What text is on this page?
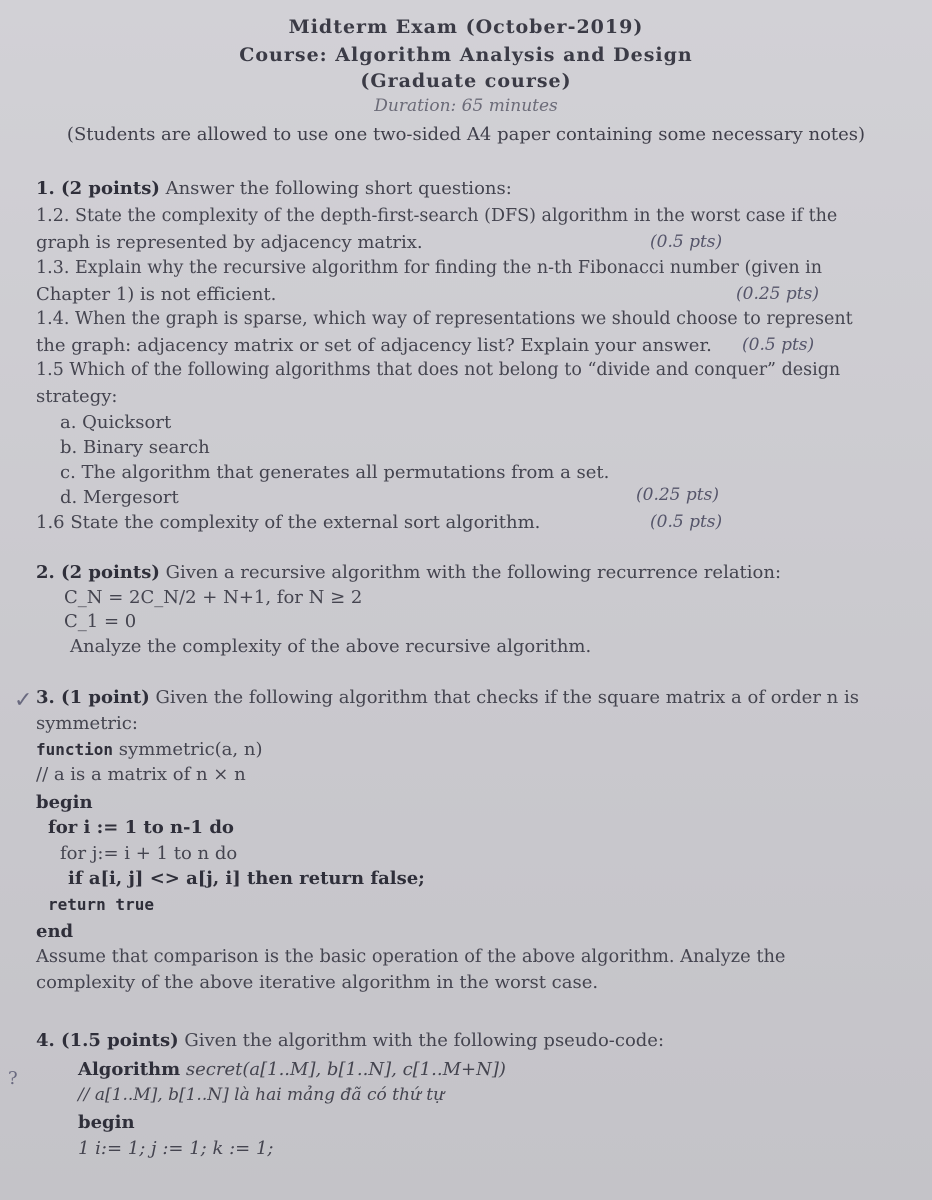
Midterm Exam (October-2019)
Course: Algorithm Analysis and Design
(Graduate course)
Duration: 65 minutes
(Students are allowed to use one two-sided A4 paper containing some necessary notes)
1. (2 points) Answer the following short questions:
1.2. State the complexity of the depth-first-search (DFS) algorithm in the worst case if the
graph is represented by adjacency matrix.	(0.5 pts)
1.3. Explain why the recursive algorithm for finding the n-th Fibonacci number (given in
Chapter 1) is not efficient.	(0.25 pts)
1.4. When the graph is sparse, which way of representations we should choose to represent
the graph: adjacency matrix or set of adjacency list? Explain your answer. (0.5 pts)
1.5 Which of the following algorithms that does not belong to “divide and conquer” design
strategy:
a. Quicksort
b. Binary search
c. The algorithm that generates all permutations from a set.
d. Mergesort	(0.25 pts)
1.6 State the complexity of the external sort algorithm.	(0.5 pts)
2. (2 points) Given a recursive algorithm with the following recurrence relation:
C_N = 2C_N/2 + N+1, for N ≥ 2
C_1 = 0
Analyze the complexity of the above recursive algorithm.
✓ 3. (1 point) Given the following algorithm that checks if the square matrix a of order n is
symmetric:
function symmetric(a, n)
// a is a matrix of n × n
begin
for i := 1 to n-1 do
for j:= i + 1 to n do
if a[i, j] <> a[j, i] then return false;
return true
end
Assume that comparison is the basic operation of the above algorithm. Analyze the
complexity of the above iterative algorithm in the worst case.
4. (1.5 points) Given the algorithm with the following pseudo-code:
?	Algorithm secret(a[1..M], b[1..N], c[1..M+N])
// a[1..M], b[1..N] là hai mảng đã có thứ tự
begin
1 i:= 1; j := 1; k := 1;
